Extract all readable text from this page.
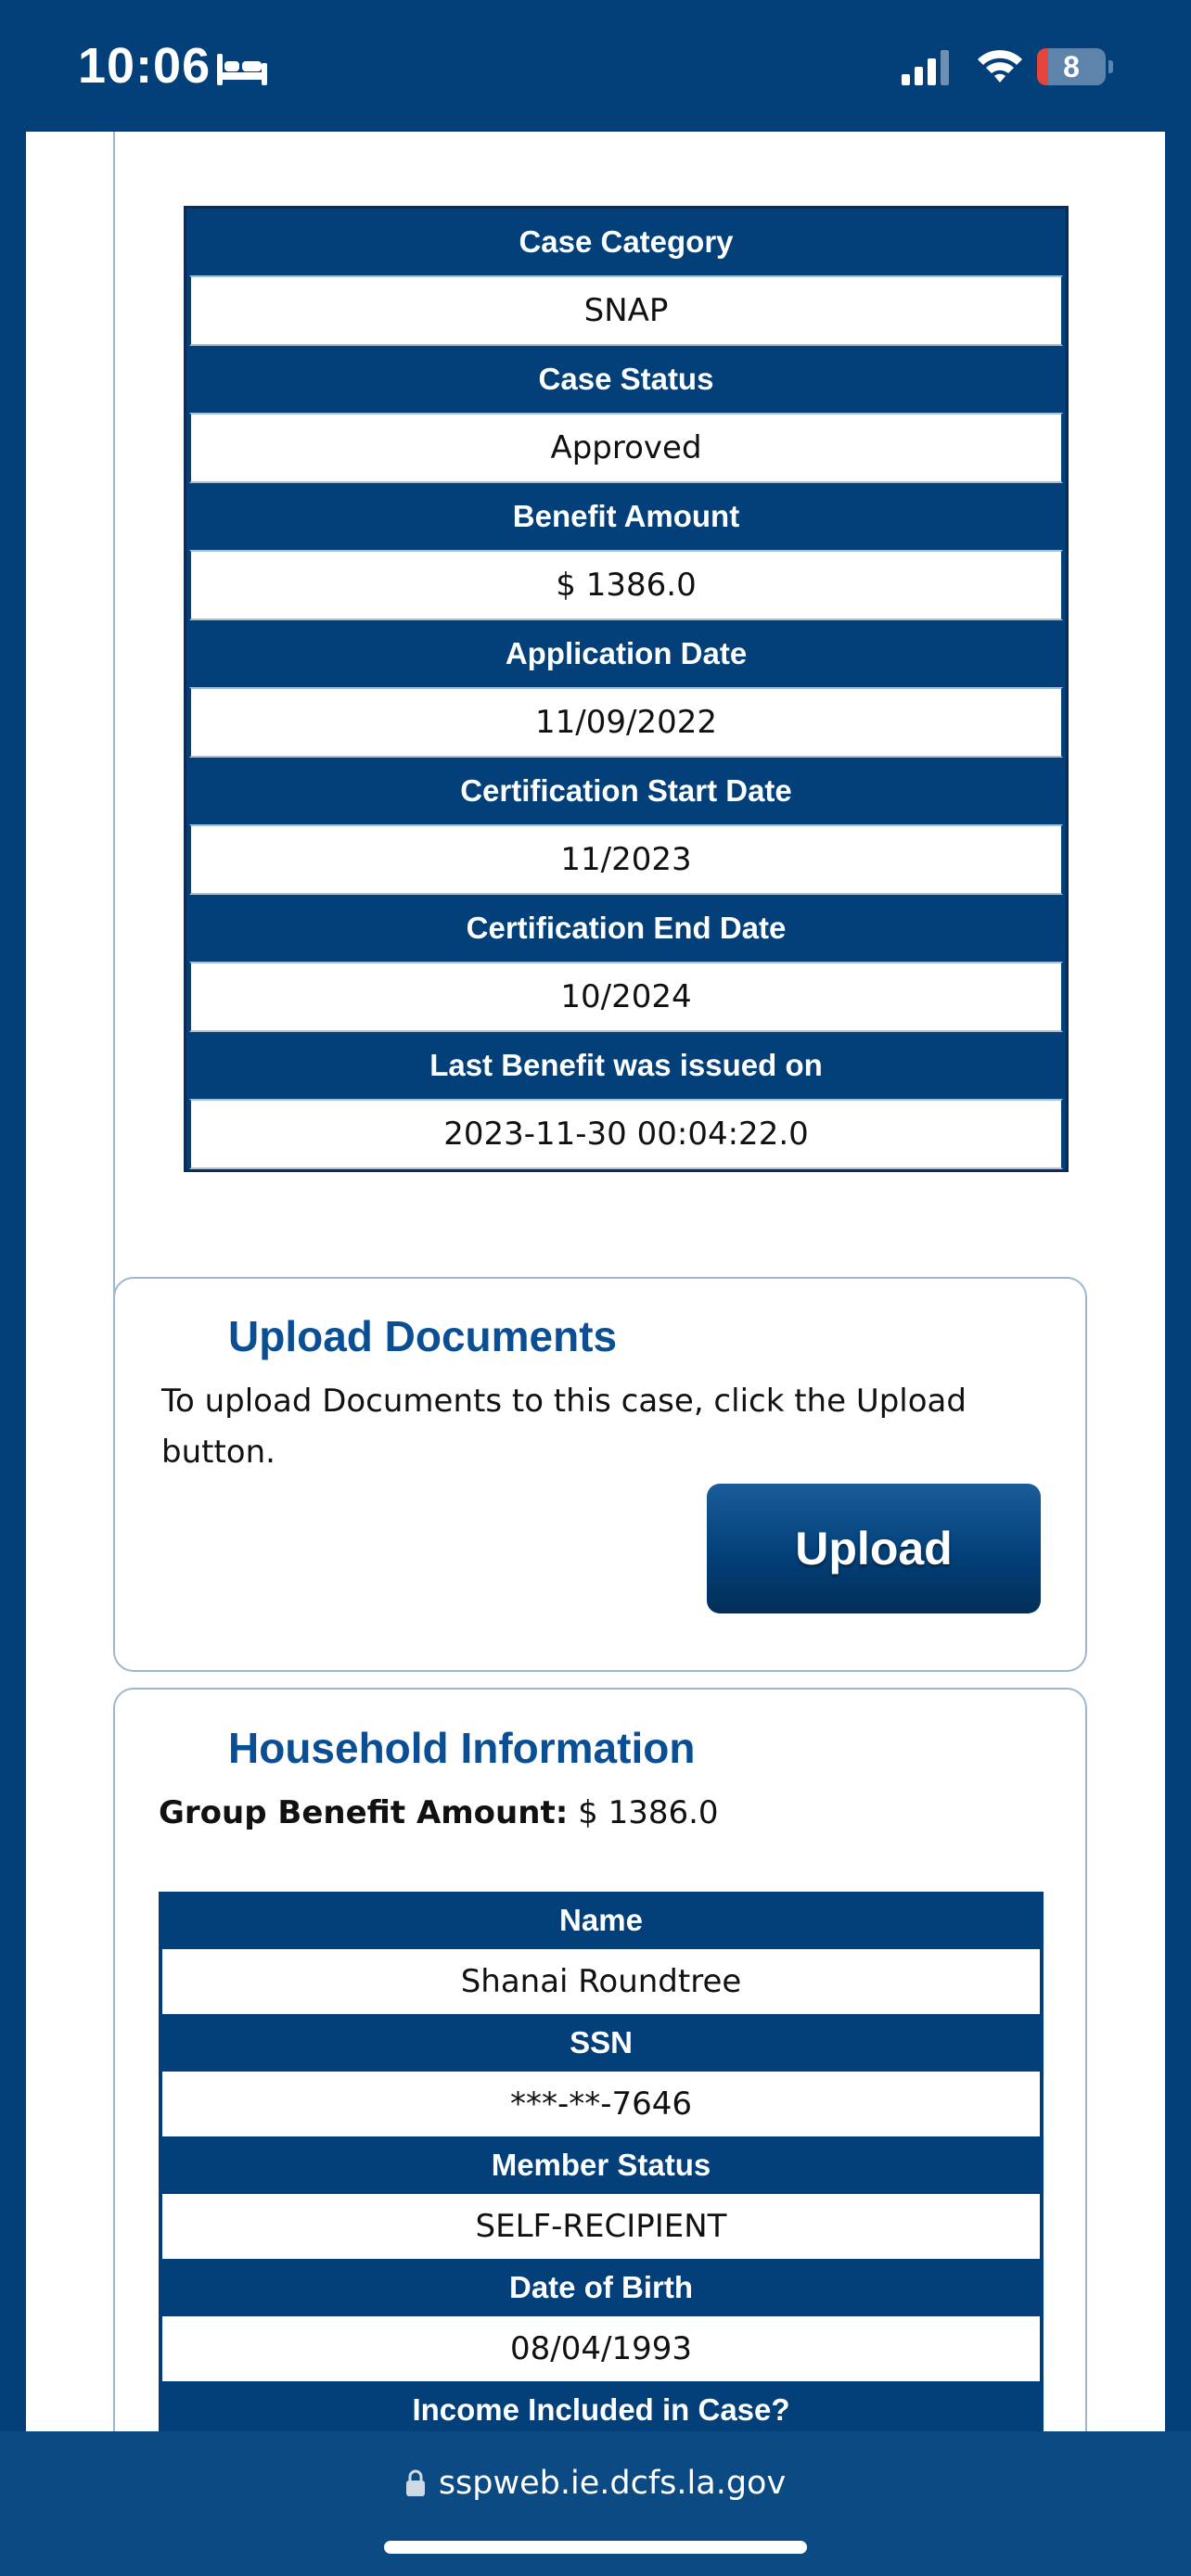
10:06	8
Case Category
SNAP
Case Status
Approved
Benefit Amount
$ 1386.0
Application Date
11/09/2022
Certification Start Date
11/2023
Certification End Date
10/2024
Last Benefit was issued on
2023-11-30 00:04:22.0
Upload Documents
To upload Documents to this case, click the Upload button.
Upload
Household Information
Group Benefit Amount: $ 1386.0
Name
Shanai Roundtree
SSN
***-**-7646
Member Status
SELF-RECIPIENT
Date of Birth
08/04/1993
Income Included in Case?
sspweb.ie.dcfs.la.gov
